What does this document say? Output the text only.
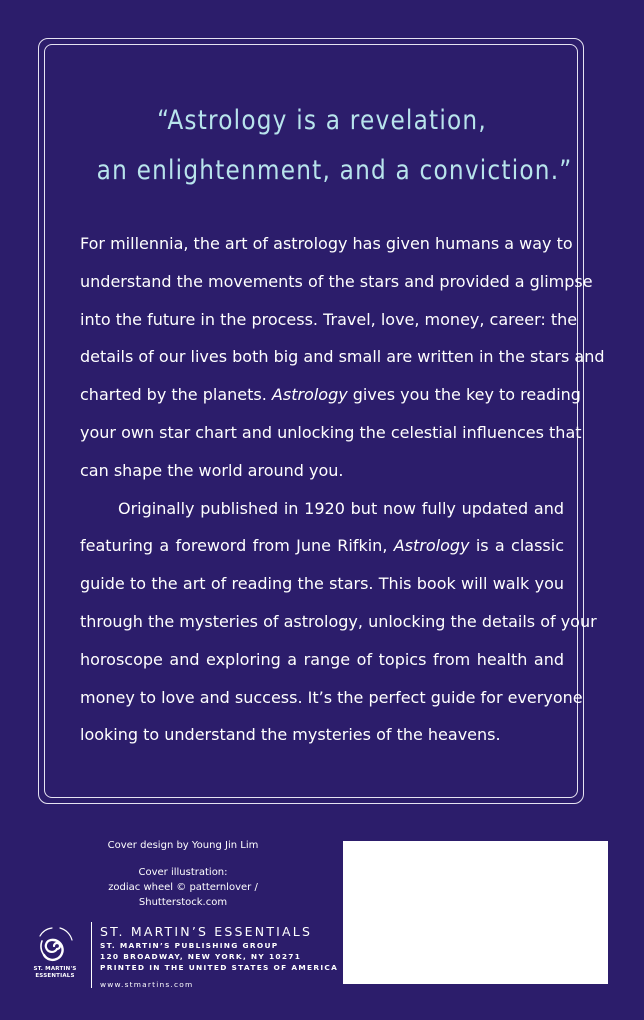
“Astrology is a revelation,
an enlightenment, and a conviction.”

For millennia, the art of astrology has given humans a way to
understand the movements of the stars and provided a glimpse
into the future in the process. Travel, love, money, career: the
details of our lives both big and small are written in the stars and
charted by the planets. Astrology gives you the key to reading
your own star chart and unlocking the celestial influences that
can shape the world around you.

Originally published in 1920 but now fully updated and
featuring a foreword from June Rifkin, Astrology is a classic
guide to the art of reading the stars. This book will walk you
through the mysteries of astrology, unlocking the details of your
horoscope and exploring a range of topics from health and
money to love and success. It’s the perfect guide for everyone
looking to understand the mysteries of the heavens.

Cover design by Young Jin Lim
Cover illustration:
zodiac wheel © patternlover / Shutterstock.com
ST. MARTIN'S
ESSENTIALS
ST. MARTIN’S ESSENTIALS
ST. MARTIN’S PUBLISHING GROUP
120 BROADWAY, NEW YORK, NY 10271
PRINTED IN THE UNITED STATES OF AMERICA
www.stmartins.com
